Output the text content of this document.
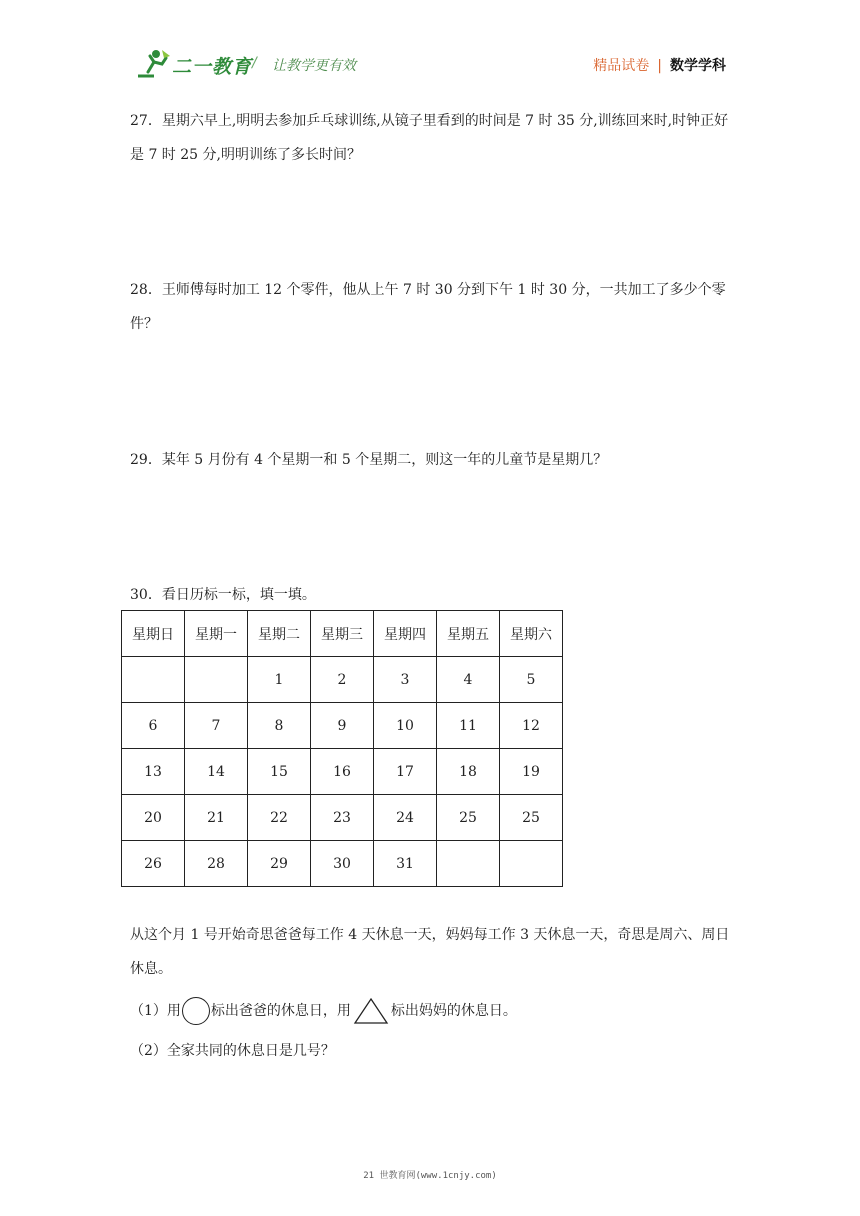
二一教育 / 让教学更有效	精品试卷 | 数学学科
27．星期六早上,明明去参加乒乓球训练,从镜子里看到的时间是 7 时 35 分,训练回来时,时钟正好是 7 时 25 分,明明训练了多长时间？
28．王师傅每时加工 12 个零件，他从上午 7 时 30 分到下午 1 时 30 分，一共加工了多少个零件？
29．某年 5 月份有 4 个星期一和 5 个星期二，则这一年的儿童节是星期几？
30．看日历标一标，填一填。
星期日	星期一	星期二	星期三	星期四	星期五	星期六
		1	2	3	4	5
6	7	8	9	10	11	12
13	14	15	16	17	18	19
20	21	22	23	24	25	25
26	28	29	30	31		
从这个月 1 号开始奇思爸爸每工作 4 天休息一天，妈妈每工作 3 天休息一天，奇思是周六、周日休息。
（1）用○标出爸爸的休息日，用	标出妈妈的休息日。
（2）全家共同的休息日是几号？
21 世教育网(www.1cnjy.com)
